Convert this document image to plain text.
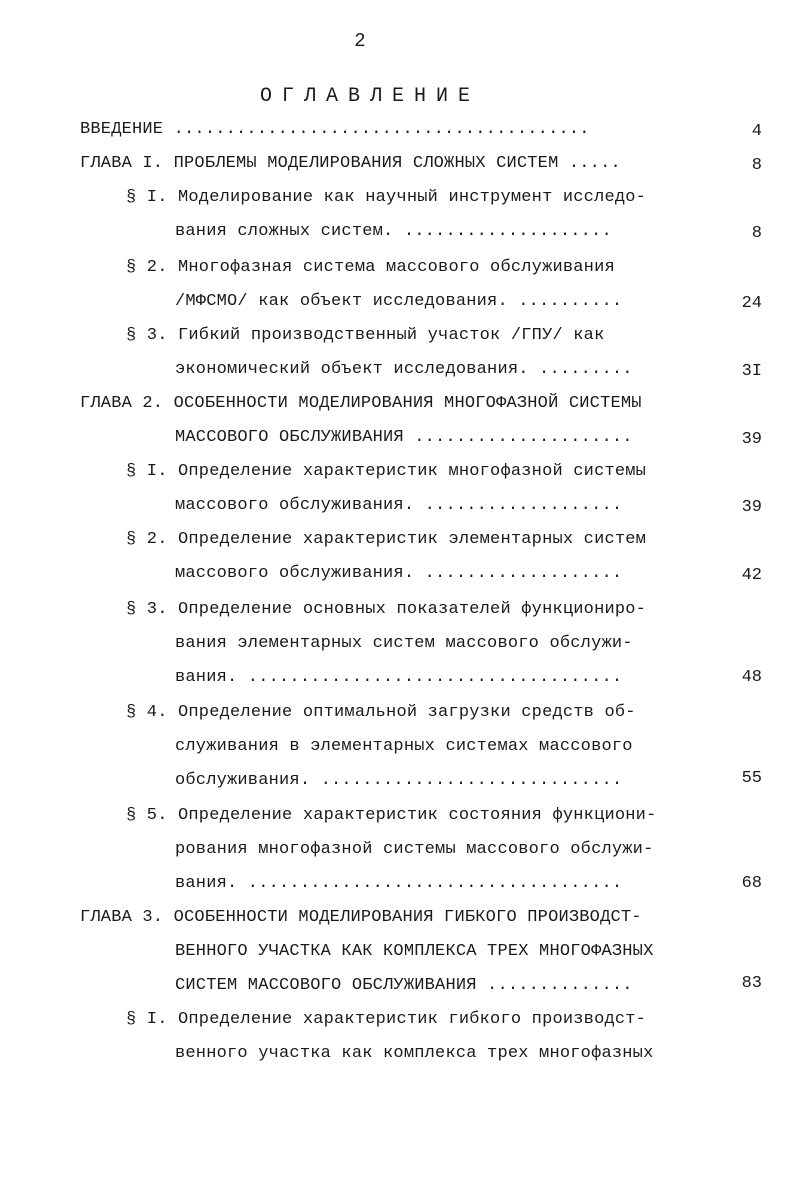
2
ОГЛАВЛЕНИЕ
ВВЕДЕНИЕ ........................................	4
ГЛАВА I. ПРОБЛЕМЫ МОДЕЛИРОВАНИЯ СЛОЖНЫХ СИСТЕМ .....	8
§ I. Моделирование как научный инструмент исследо-
вания сложных систем. ....................	8
§ 2. Многофазная система массового обслуживания
/МФСМО/ как объект исследования. ..........	24
§ 3. Гибкий производственный участок /ГПУ/ как
экономический объект исследования. .........	3I
ГЛАВА 2. ОСОБЕННОСТИ МОДЕЛИРОВАНИЯ МНОГОФАЗНОЙ СИСТЕМЫ
МАССОВОГО ОБСЛУЖИВАНИЯ .....................	39
§ I. Определение характеристик многофазной системы
массового обслуживания. ...................	39
§ 2. Определение характеристик элементарных систем
массового обслуживания. ...................	42
§ 3. Определение основных показателей функциониро-
вания элементарных систем массового обслужи-
вания. ....................................	48
§ 4. Определение оптимальной загрузки средств об-
служивания в элементарных системах массового
обслуживания. .............................	55
§ 5. Определение характеристик состояния функциони-
рования многофазной системы массового обслужи-
вания. ....................................	68
ГЛАВА 3. ОСОБЕННОСТИ МОДЕЛИРОВАНИЯ ГИБКОГО ПРОИЗВОДСТ-
ВЕННОГО УЧАСТКА КАК КОМПЛЕКСА ТРЕХ МНОГОФАЗНЫХ
СИСТЕМ МАССОВОГО ОБСЛУЖИВАНИЯ ..............	83
§ I. Определение характеристик гибкого производст-
венного участка как комплекса трех многофазных
